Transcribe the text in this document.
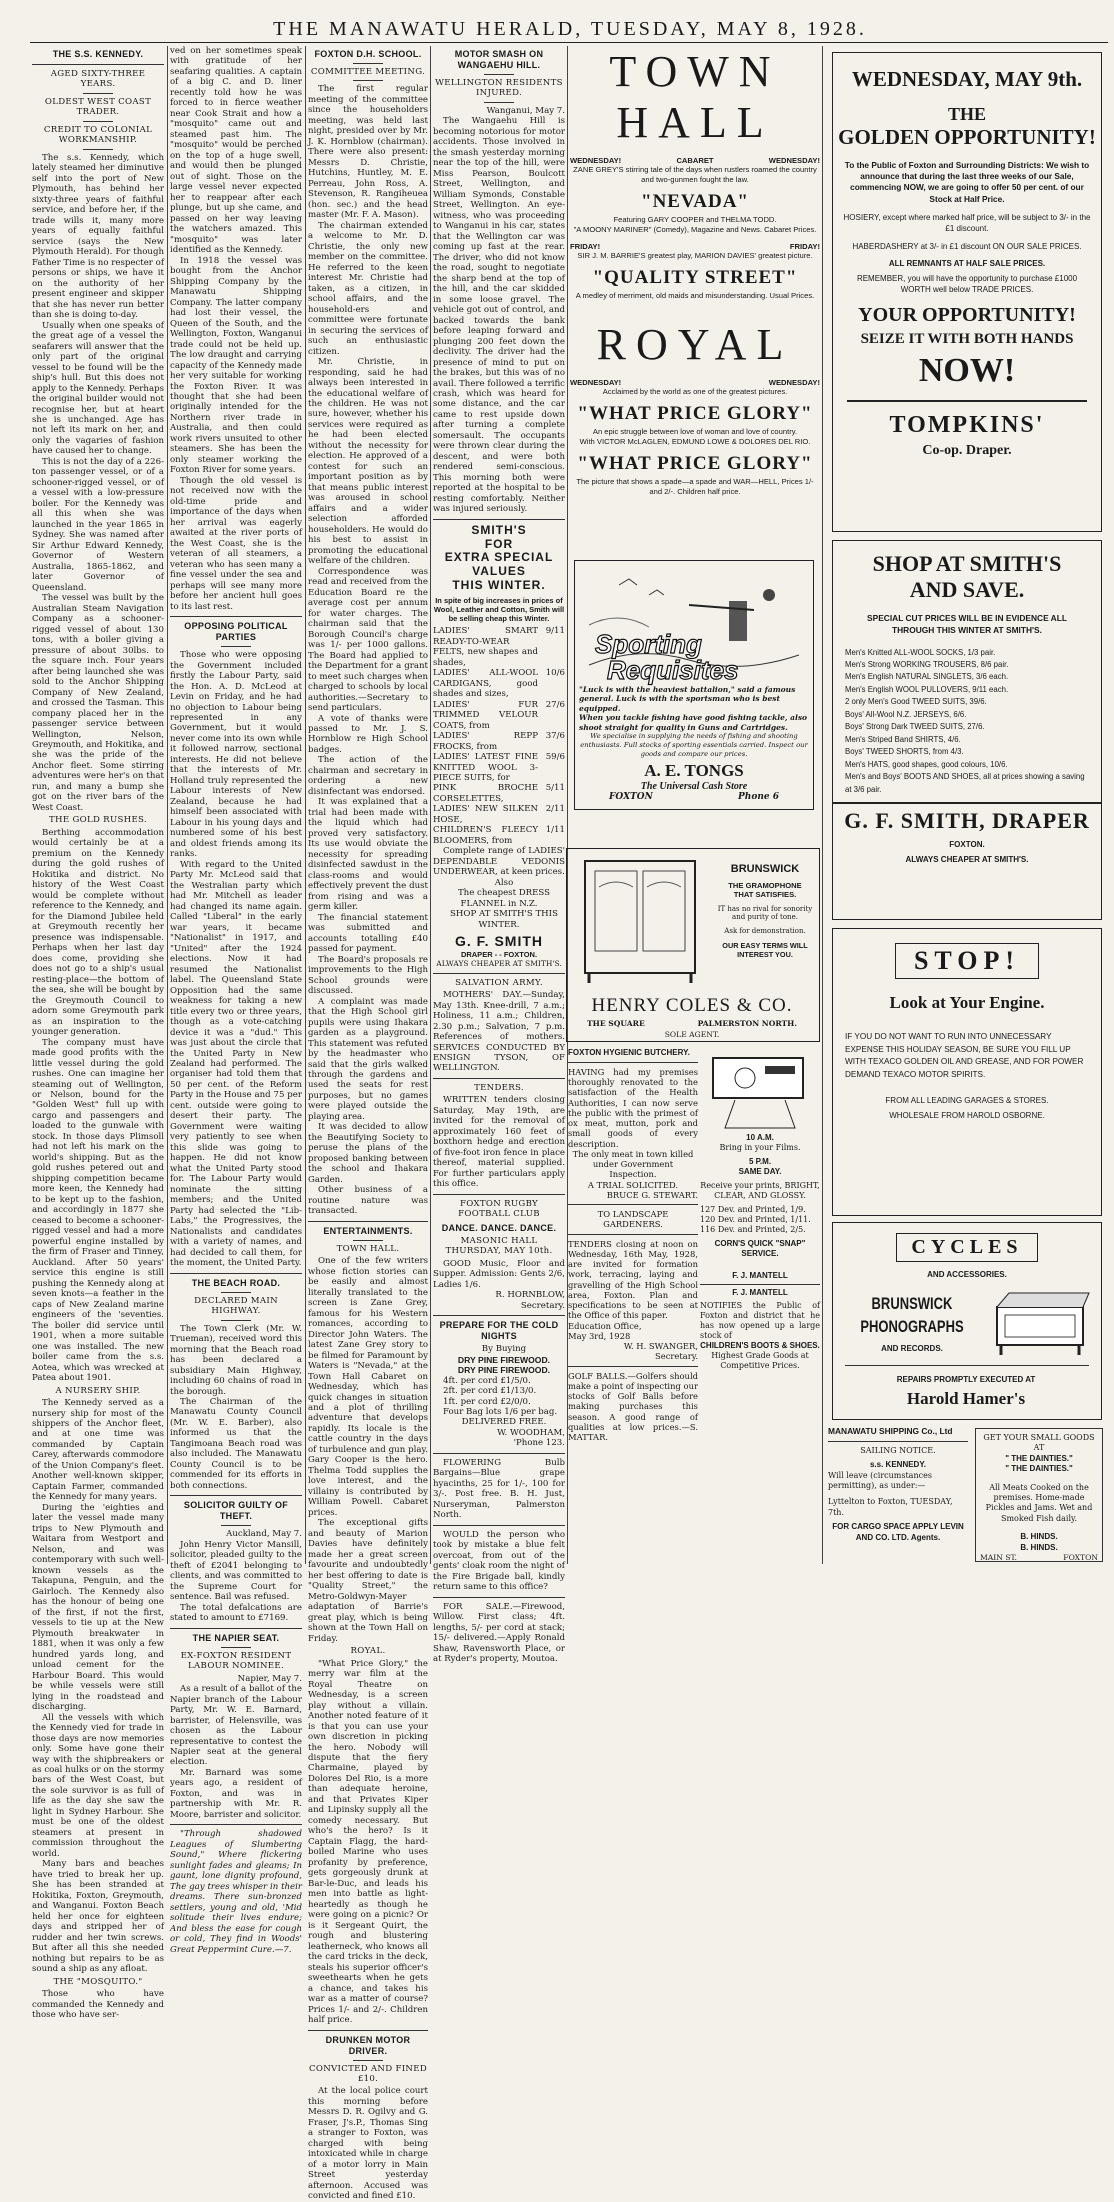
THE MANAWATU HERALD, TUESDAY, MAY 8, 1928.
THE S.S. KENNEDY.
AGED SIXTY-THREE YEARS.
OLDEST WEST COAST TRADER.
CREDIT TO COLONIAL WORKMANSHIP.

The s.s. Kennedy, which lately steamed her diminutive self into the port of New Plymouth, has behind her sixty-three years of faithful service, and before her, if the trade wills it, many more years of equally faithful service (says the New Plymouth Herald). For though Father Time is no respecter of persons or ships, we have it on the authority of her present engineer and skipper that she has never run better than she is doing to-day.

Usually when one speaks of the great age of a vessel the seafarers will answer that the only part of the original vessel to be found will be the ship's hull. But this does not apply to the Kennedy. Perhaps the original builder would not recognise her, but at heart she is unchanged. Age has not left its mark on her, and only the vagaries of fashion have caused her to change.

This is not the day of a 226-ton passenger vessel, or of a schooner-rigged vessel, or of a vessel with a low-pressure boiler. For the Kennedy was all this when she was launched in the year 1865 in Sydney. She was named after Sir Arthur Edward Kennedy, Governor of Western Australia, 1865-1862, and later Governor of Queensland.

The vessel was built by the Australian Steam Navigation Company as a schooner-rigged vessel of about 130 tons, with a boiler giving a pressure of about 30lbs. to the square inch. Four years after being launched she was sold to the Anchor Shipping Company of New Zealand, and crossed the Tasman. This company placed her in the passenger service between Wellington, Nelson, Greymouth, and Hokitika, and she was the pride of the Anchor fleet. Some stirring adventures were her's on that run, and many a bump she got on the river bars of the West Coast.

THE GOLD RUSHES.

Berthing accommodation would certainly be at a premium on the Kennedy during the gold rushes of Hokitika and district. No history of the West Coast would be complete without reference to the Kennedy, and for the Diamond Jubilee held at Greymouth recently her presence was indispensable. Perhaps when her last day does come, providing she does not go to a ship's usual resting-place—the bottom of the sea, she will be bought by the Greymouth Council to adorn some Greymouth park as an inspiration to the younger generation.

The company must have made good profits with the little vessel during the gold rushes. One can imagine her steaming out of Wellington, or Nelson, bound for the "Golden West" full up with cargo and passengers and loaded to the gunwale with stock. In those days Plimsoll had not left his mark on the world's shipping. But as the gold rushes petered out and shipping competition became more keen, the Kennedy had to be kept up to the fashion, and accordingly in 1877 she ceased to become a schooner-rigged vessel and had a more powerful engine installed by the firm of Fraser and Tinney, Auckland. After 50 years' service this engine is still pushing the Kennedy along at seven knots—a feather in the caps of New Zealand marine engineers of the 'seventies. The boiler did service until 1901, when a more suitable one was installed. The new boiler came from the s.s. Aotea, which was wrecked at Patea about 1901.

A NURSERY SHIP.

The Kennedy served as a nursery ship for most of the shippers of the Anchor fleet, and at one time was commanded by Captain Carey, afterwards commodore of the Union Company's fleet. Another well-known skipper, Captain Farmer, commanded the Kennedy for many years.

During the 'eighties and later the vessel made many trips to New Plymouth and Waitara from Westport and Nelson, and was contemporary with such well-known vessels as the Takapuna, Penguin, and the Gairloch. The Kennedy also has the honour of being one of the first, if not the first, vessels to tie up at the New Plymouth breakwater in 1881, when it was only a few hundred yards long, and unload cement for the Harbour Board. This would be while vessels were still lying in the roadstead and discharging.

All the vessels with which the Kennedy vied for trade in those days are now memories only. Some have gone their way with the shipbreakers or as coal hulks or on the stormy bars of the West Coast, but the sole survivor is as full of life as the day she saw the light in Sydney Harbour. She must be one of the oldest steamers at present in commission throughout the world.

Many bars and beaches have tried to break her up. She has been stranded at Hokitika, Foxton, Greymouth, and Wanganui. Foxton Beach held her once for eighteen days and stripped her of rudder and her twin screws. But after all this she needed nothing but repairs to be as sound a ship as any afloat.

THE "MOSQUITO."

Those who have commanded the Kennedy and those who have ser-

ved on her sometimes speak with gratitude of her seafaring qualities. A captain of a big C. and D. liner recently told how he was forced to in fierce weather near Cook Strait and how a "mosquito" came out and steamed past him. The "mosquito" would be perched on the top of a huge swell, and would then be plunged out of sight. Those on the large vessel never expected her to reappear after each plunge, but up she came, and passed on her way leaving the watchers amazed. This "mosquito" was later identified as the Kennedy.

In 1918 the vessel was bought from the Anchor Shipping Company by the Manawatu Shipping Company. The latter company had lost their vessel, the Queen of the South, and the Wellington, Foxton, Wanganui trade could not be held up. The low draught and carrying capacity of the Kennedy made her very suitable for working the Foxton River. It was thought that she had been originally intended for the Northern river trade in Australia, and then could work rivers unsuited to other steamers. She has been the only steamer working the Foxton River for some years.

Though the old vessel is not received now with the old-time pride and importance of the days when her arrival was eagerly awaited at the river ports of the West Coast, she is the veteran of all steamers, a veteran who has seen many a fine vessel under the sea and perhaps will see many more before her ancient hull goes to its last rest.

OPPOSING POLITICAL PARTIES

Those who were opposing the Government included firstly the Labour Party, said the Hon. A. D. McLeod at Levin on Friday, and he had no objection to Labour being represented in any Government, but it would never come into its own while it followed narrow, sectional interests. He did not believe that the interests of Mr. Holland truly represented the Labour interests of New Zealand, because he had himself been associated with Labour in his young days and numbered some of his best and oldest friends among its ranks.

With regard to the United Party Mr. McLeod said that the Westralian party which had Mr. Mitchell as leader had changed its name again. Called "Liberal" in the early war years, it became "Nationalist" in 1917, and "United" after the 1924 elections. Now it had resumed the Nationalist label. The Queensland State Opposition had the same weakness for taking a new title every two or three years, though as a vote-catching device it was a "dud." This was just about the circle that the United Party in New Zealand had performed. The organiser had told them that 50 per cent. of the Reform Party in the House and 75 per cent. outside were going to desert their party. The Government were waiting very patiently to see when this slide was going to happen. He did not know what the United Party stood for. The Labour Party would nominate the sitting members; and the United Party had selected the "Lib-Labs," the Progressives, the Nationalists and candidates with a variety of names, and had decided to call them, for the moment, the United Party.

THE BEACH ROAD.
DECLARED MAIN HIGHWAY.

The Town Clerk (Mr. W. Trueman), received word this morning that the Beach road has been declared a subsidiary Main Highway, including 60 chains of road in the borough.

The Chairman of the Manawatu County Council (Mr. W. E. Barber), also informed us that the Tangimoana Beach road was also included. The Manawatu County Council is to be commended for its efforts in both connections.

SOLICITOR GUILTY OF THEFT.

Auckland, May 7.

John Henry Victor Mansill, solicitor, pleaded guilty to the theft of £2041 belonging to clients, and was committed to the Supreme Court for sentence. Bail was refused.

The total defalcations are stated to amount to £7169.

THE NAPIER SEAT.
EX-FOXTON RESIDENT LABOUR NOMINEE.

Napier, May 7.

As a result of a ballot of the Napier branch of the Labour Party, Mr. W. E. Barnard, barrister, of Helensville, was chosen as the Labour representative to contest the Napier seat at the general election.

Mr. Barnard was some years ago, a resident of Foxton, and was in partnership with Mr. R. Moore, barrister and solicitor.

"Through shadowed Leagues of Slumbering Sound," Where flickering sunlight fades and gleams; In gaunt, lone dignity profound, The gay trees whisper in their dreams. There sun-bronzed settlers, young and old, 'Mid solitude their lives endure; And bless the ease for cough or cold, They find in Woods' Great Peppermint Cure.—7.

FOXTON D.H. SCHOOL.
COMMITTEE MEETING.

The first regular meeting of the committee since the householders meeting, was held last night, presided over by Mr. J. K. Hornblow (chairman). There were also present: Messrs D. Christie, Hutchins, Huntley, M. E. Perreau, John Ross, A. Stevenson, R. Rangiheuea (hon. sec.) and the head master (Mr. F. A. Mason).

The chairman extended a welcome to Mr. D. Christie, the only new member on the committee. He referred to the keen interest Mr. Christie had taken, as a citizen, in school affairs, and the household-ers and committee were fortunate in securing the services of such an enthusiastic citizen.

Mr. Christie, in responding, said he had always been interested in the educational welfare of the children. He was not sure, however, whether his services were required as he had been elected without the necessity for election. He approved of a contest for such an important position as by that means public interest was aroused in school affairs and a wider selection afforded householders. He would do his best to assist in promoting the educational welfare of the children.

Correspondence was read and received from the Education Board re the average cost per annum for water charges. The chairman said that the Borough Council's charge was 1/- per 1000 gallons. The Board had applied to the Department for a grant to meet such charges when charged to schools by local authorities.—Secretary to send particulars.

A vote of thanks were passed to Mr. J. S. Hornblow re High School badges.

The action of the chairman and secretary in ordering a new disinfectant was endorsed.

It was explained that a trial had been made with the liquid which had proved very satisfactory. Its use would obviate the necessity for spreading disinfected sawdust in the class-rooms and would effectively prevent the dust from rising and was a germ killer.

The financial statement was submitted and accounts totalling £40 passed for payment.

The Board's proposals re improvements to the High School grounds were discussed.

A complaint was made that the High School girl pupils were using Ihakara garden as a playground. This statement was refuted by the headmaster who said that the girls walked through the gardens and used the seats for rest purposes, but no games were played outside the playing area.

It was decided to allow the Beautifying Society to peruse the plans of the proposed banking between the school and Ihakara Garden.

Other business of a routine nature was transacted.

ENTERTAINMENTS.
TOWN HALL.

One of the few writers whose fiction stories can be easily and almost literally translated to the screen is Zane Grey, famous for his Western romances, according to Director John Waters. The latest Zane Grey story to be filmed for Paramount by Waters is "Nevada," at the Town Hall Cabaret on Wednesday, which has quick changes in situation and a plot of thrilling adventure that develops rapidly. Its locale is the cattle country in the days of turbulence and gun play. Gary Cooper is the hero. Thelma Todd supplies the love interest, and the villainy is contributed by William Powell. Cabaret prices.

The exceptional gifts and beauty of Marion Davies have definitely made her a great screen favourite and undoubtedly her best offering to date is "Quality Street," the Metro-Goldwyn-Mayer adaptation of Barrie's great play, which is being shown at the Town Hall on Friday.

ROYAL.

"What Price Glory," the merry war film at the Royal Theatre on Wednesday, is a screen play without a villain. Another noted feature of it is that you can use your own discretion in picking the hero. Nobody will dispute that the fiery Charmaine, played by Dolores Del Rio, is a more than adequate heroine, and that Privates Kiper and Lipinsky supply all the comedy necessary. But who's the hero? Is it Captain Flagg, the hard-boiled Marine who uses profanity by preference, gets gorgeously drunk at Bar-le-Duc, and leads his men into battle as light-heartedly as though he were going on a picnic? Or is it Sergeant Quirt, the rough and blustering leatherneck, who knows all the card tricks in the deck, steals his superior officer's sweethearts when he gets a chance, and takes his war as a matter of course? Prices 1/- and 2/-. Children half price.

DRUNKEN MOTOR DRIVER.
CONVICTED AND FINED £10.

At the local police court this morning before Messrs D. R. Ogilvy and G. Fraser, J's.P., Thomas Sing a stranger to Foxton, was charged with being intoxicated while in charge of a motor lorry in Main Street yesterday afternoon. Accused was convicted and fined £10.

MOTOR SMASH ON WANGAEHU HILL.
WELLINGTON RESIDENTS INJURED.

Wanganui, May 7.

The Wangaehu Hill is becoming notorious for motor accidents. Those involved in the smash yesterday morning near the top of the hill, were Miss Pearson, Boulcott Street, Wellington, and William Symonds, Constable Street, Wellington. An eye-witness, who was proceeding to Wanganui in his car, states that the Wellington car was coming up fast at the rear. The driver, who did not know the road, sought to negotiate the sharp bend at the top of the hill, and the car skidded in some loose gravel. The vehicle got out of control, and backed towards the bank before leaping forward and plunging 200 feet down the declivity. The driver had the presence of mind to put on the brakes, but this was of no avail. There followed a terrific crash, which was heard for some distance, and the car came to rest upside down after turning a complete somersault. The occupants were thrown clear during the descent, and were both rendered semi-conscious. This morning both were reported at the hospital to be resting comfortably. Neither was injured seriously.

SMITH'S
FOR
EXTRA SPECIAL
VALUES
THIS WINTER.

In spite of big increases in prices of Wool, Leather and Cotton, Smith will be selling cheap this Winter.

LADIES' SMART READY-TO-WEAR FELTS, new shapes and shades,
9/11
LADIES' ALL-WOOL CARDIGANS, good shades and sizes,
10/6
LADIES' FUR TRIMMED VELOUR COATS, from
27/6
LADIES' REPP FROCKS, from
37/6
LADIES' LATEST FINE KNITTED WOOL 3-PIECE SUITS, for
59/6
PINK BROCHE CORSELETTES,
5/11
LADIES' NEW SILKEN HOSE,
2/11
CHILDREN'S FLEECY BLOOMERS, from
1/11

Complete range of LADIES' DEPENDABLE VEDONIS UNDERWEAR, at keen prices.

Also

The cheapest DRESS FLANNEL in N.Z.

SHOP AT SMITH'S THIS WINTER.

G. F. SMITH
DRAPER - - FOXTON.
ALWAYS CHEAPER AT SMITH'S.
SALVATION ARMY.

MOTHERS' DAY.—Sunday, May 13th. Knee-drill, 7 a.m.; Holiness, 11 a.m.; Children, 2.30 p.m.; Salvation, 7 p.m. References of mothers. SERVICES CONDUCTED BY ENSIGN TYSON, OF WELLINGTON.

TENDERS.

WRITTEN tenders closing Saturday, May 19th, are invited for the removal of approximately 160 feet of boxthorn hedge and erection of five-foot iron fence in place thereof, material supplied. For further particulars apply this office.

FOXTON RUGBY FOOTBALL CLUB
DANCE. DANCE. DANCE.
MASONIC HALL THURSDAY, MAY 10th.

GOOD Music, Floor and Supper. Admission: Gents 2/6, Ladies 1/6.

R. HORNBLOW,

Secretary.

PREPARE FOR THE COLD NIGHTS

By Buying

DRY PINE FIREWOOD.

DRY PINE FIREWOOD.

4ft. per cord £1/5/0.

2ft. per cord £1/13/0.

1ft. per cord £2/0/0.

Four Bag lots 1/6 per bag.

DELIVERED FREE.

W. WOODHAM,

'Phone 123.

FLOWERING Bulb Bargains—Blue grape hyacinths, 25 for 1/-, 100 for 3/-. Post free. B. H. Just, Nurseryman, Palmerston North.

WOULD the person who took by mistake a blue felt overcoat, from out of the gents' cloak room the night of the Fire Brigade ball, kindly return same to this office?

FOR SALE.—Firewood, Willow. First class; 4ft. lengths, 5/- per cord at stack; 15/- delivered.—Apply Ronald Shaw, Ravensworth Place, or at Ryder's property, Moutoa.

TOWN HALL
WEDNESDAY!	CABARET	WEDNESDAY!
ZANE GREY'S stirring tale of the days when rustlers roamed the country and two-gunmen fought the law.
"NEVADA"
Featuring GARY COOPER and THELMA TODD.
"A MOONY MARINER" (Comedy), Magazine and News. Cabaret Prices.
FRIDAY!	FRIDAY!
SIR J. M. BARRIE'S greatest play, MARION DAVIES' greatest picture.
"QUALITY STREET"
A medley of merriment, old maids and misunderstanding. Usual Prices.
ROYAL
WEDNESDAY!	WEDNESDAY!
Acclaimed by the world as one of the greatest pictures.
"WHAT PRICE GLORY"
An epic struggle between love of woman and love of country.
With VICTOR McLAGLEN, EDMUND LOWE & DOLORES DEL RIO.
"WHAT PRICE GLORY"
The picture that shows a spade—a spade and WAR—HELL, Prices 1/- and 2/-. Children half price.
Sporting
Requisites
"Luck is with the heaviest battalion," said a famous general. Luck is with the sportsman who is best equipped.
When you tackle fishing have good fishing tackle, also shoot straight for quality in Guns and Cartridges.
We specialise in supplying the needs of fishing and shooting enthusiasts. Full stocks of sporting essentials carried. Inspect our goods and compare our prices.
A. E. TONGS
The Universal Cash Store
FOXTON	Phone 6
BRUNSWICK
THE GRAMOPHONE
THAT SATISFIES.
IT has no rival for sonority and purity of tone.
Ask for demonstration.
OUR EASY TERMS WILL INTEREST YOU.
HENRY COLES & CO.
THE SQUARE	PALMERSTON NORTH.
SOLE AGENT.
FOXTON HYGIENIC BUTCHERY.

HAVING had my premises thoroughly renovated to the satisfaction of the Health Authorities, I can now serve the public with the primest of ox meat, mutton, pork and small goods of every description.

The only meat in town killed under Government Inspection.

A TRIAL SOLICITED.

BRUCE G. STEWART.

TO LANDSCAPE GARDENERS.

TENDERS closing at noon on Wednesday, 16th May, 1928, are invited for formation work, terracing, laying and gravelling of the High School area, Foxton. Plan and specifications to be seen at the Office of this paper.

Education Office,

May 3rd, 1928

W. H. SWANGER,

Secretary.

GOLF BALLS.—Golfers should make a point of inspecting our stocks of Golf Balls before making purchases this season. A good range of qualities at low prices.—S. MATTAR.

10 A.M.
Bring in your Films.
5 P.M.
SAME DAY.
Receive your prints, BRIGHT, CLEAR, AND GLOSSY.
127 Dev. and Printed, 1/9.
120 Dev. and Printed, 1/11.
116 Dev. and Printed, 2/5.
CORN'S QUICK "SNAP" SERVICE.
F. J. MANTELL
F. J. MANTELL

NOTIFIES the Public of Foxton and district that he has now opened up a large stock of

CHILDREN'S BOOTS & SHOES.

Highest Grade Goods at Competitive Prices.

WEDNESDAY, MAY 9th.
THE
GOLDEN OPPORTUNITY!
To the Public of Foxton and Surrounding Districts: We wish to announce that during the last three weeks of our Sale, commencing NOW, we are going to offer 50 per cent. of our Stock at Half Price.
HOSIERY, except where marked half price, will be subject to 3/- in the £1 discount.
HABERDASHERY at 3/- in £1 discount ON OUR SALE PRICES.
ALL REMNANTS AT HALF SALE PRICES.
REMEMBER, you will have the opportunity to purchase £1000 WORTH well below TRADE PRICES.
YOUR OPPORTUNITY!
SEIZE IT WITH BOTH HANDS
NOW!
TOMPKINS'
Co-op. Draper.
SHOP AT SMITH'S
AND SAVE.
SPECIAL CUT PRICES WILL BE IN EVIDENCE ALL THROUGH THIS WINTER AT SMITH'S.
Men's Knitted ALL-WOOL SOCKS, 1/3 pair.
Men's Strong WORKING TROUSERS, 8/6 pair.
Men's English NATURAL SINGLETS, 3/6 each.
Men's English WOOL PULLOVERS, 9/11 each.
2 only Men's Good TWEED SUITS, 39/6.
Boys' All-Wool N.Z. JERSEYS, 6/6.
Boys' Strong Dark TWEED SUITS, 27/6.
Men's Striped Band SHIRTS, 4/6.
Boys' TWEED SHORTS, from 4/3.
Men's HATS, good shapes, good colours, 10/6.
Men's and Boys' BOOTS AND SHOES, all at prices showing a saving at 3/6 pair.
G. F. SMITH, DRAPER
FOXTON.
ALWAYS CHEAPER AT SMITH'S.
STOP!
Look at Your Engine.
IF YOU DO NOT WANT TO RUN INTO UNNECESSARY EXPENSE THIS HOLIDAY SEASON, BE SURE YOU FILL UP WITH TEXACO GOLDEN OIL AND GREASE, AND FOR POWER DEMAND TEXACO MOTOR SPIRITS.
FROM ALL LEADING GARAGES & STORES.
WHOLESALE FROM HAROLD OSBORNE.
CYCLES
AND ACCESSORIES.
BRUNSWICK
PHONOGRAPHS
AND RECORDS.
REPAIRS PROMPTLY EXECUTED AT
Harold Hamer's
MANAWATU SHIPPING Co., Ltd
SAILING NOTICE.
s.s. KENNEDY.
Will leave (circumstances permitting), as under:—
Lyttelton to Foxton, TUESDAY, 7th.
FOR CARGO SPACE APPLY LEVIN AND CO. LTD. Agents.
GET YOUR SMALL GOODS AT
" THE DAINTIES."
" THE DAINTIES."
All Meats Cooked on the premises. Home-made Pickles and Jams. Wet and Smoked Fish daily.
B. HINDS.
B. HINDS.
MAIN ST.	FOXTON
